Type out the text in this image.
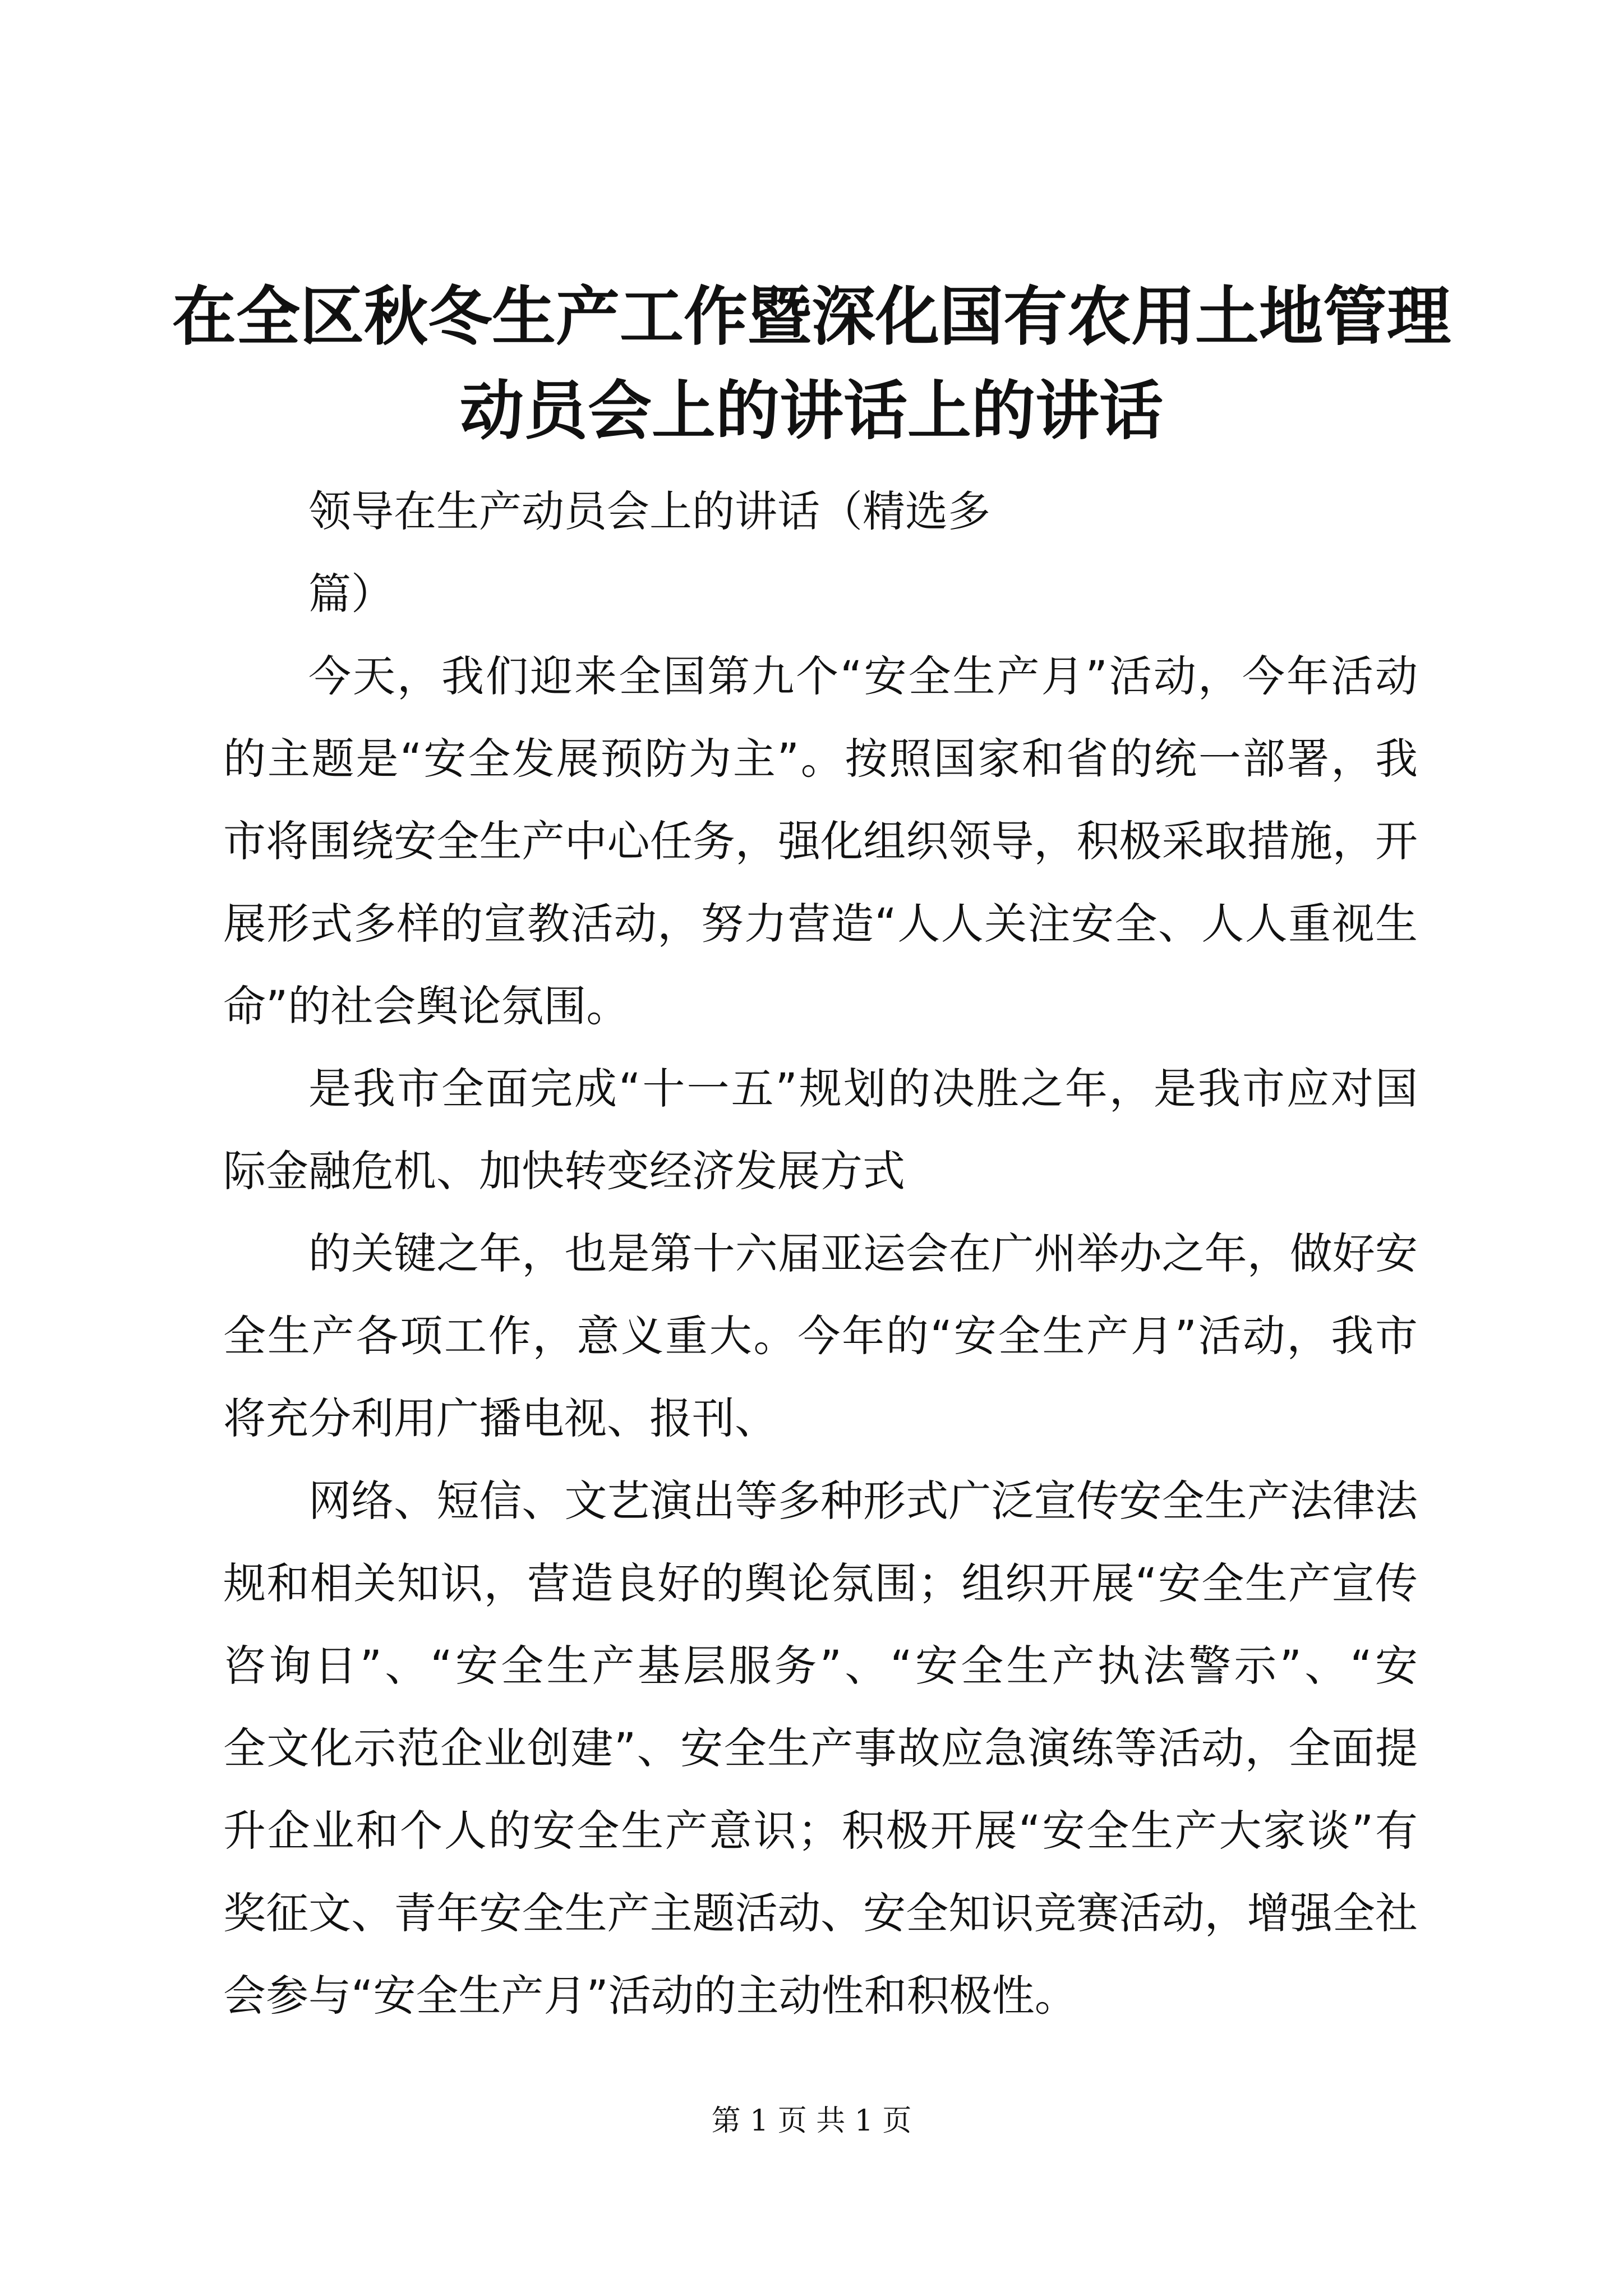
在全区秋冬生产工作暨深化国有农用土地管理
动员会上的讲话上的讲话
领导在生产动员会上的讲话（精选多
篇）
今天，我们迎来全国第九个“安全生产月”活动，今年活动
的主题是“安全发展预防为主”。按照国家和省的统一部署，我
市将围绕安全生产中心任务，强化组织领导，积极采取措施，开
展形式多样的宣教活动，努力营造“人人关注安全、人人重视生
命”的社会舆论氛围。
是我市全面完成“十一五”规划的决胜之年，是我市应对国
际金融危机、加快转变经济发展方式
的关键之年，也是第十六届亚运会在广州举办之年，做好安
全生产各项工作，意义重大。今年的“安全生产月”活动，我市
将充分利用广播电视、报刊、
网络、短信、文艺演出等多种形式广泛宣传安全生产法律法
规和相关知识，营造良好的舆论氛围；组织开展“安全生产宣传
咨询日”、“安全生产基层服务”、“安全生产执法警示”、“安
全文化示范企业创建”、安全生产事故应急演练等活动，全面提
升企业和个人的安全生产意识；积极开展“安全生产大家谈”有
奖征文、青年安全生产主题活动、安全知识竞赛活动，增强全社
会参与“安全生产月”活动的主动性和积极性。
第 1 页 共 1 页
